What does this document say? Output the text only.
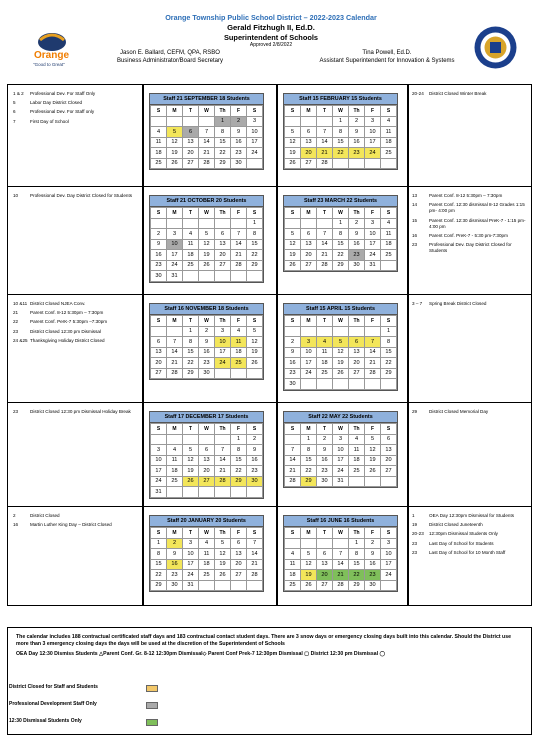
Orange
"Good to Great"
Orange Township Public School District – 2022-2023 Calendar
Gerald Fitzhugh II, Ed.D.
Superintendent of Schools
Approved 2/8/2022
Jason E. Ballard, CEFM, QPA, RSBO
Business Administrator/Board Secretary
Tina Powell, Ed.D.
Assistant Superintendent for Innovation & Systems
1 & 2	Professional Dev. For Staff Only
5	Labor Day District Closed
6	Professional Dev. For Staff only
7	First Day of School
Staff 21 SEPTEMBER 18 Students
S	M	T	W	Th	F	S
				1	2	3
4	5	6	7	8	9	10
11	12	13	14	15	16	17
18	19	20	21	22	23	24
25	26	27	28	29	30	
Staff 15 FEBRUARY 15 Students
S	M	T	W	Th	F	S
			1	2	3	4
5	6	7	8	9	10	11
12	13	14	15	16	17	18
19	20	21	22	23	24	25
26	27	28				
20-24	District Closed Winter Break
10	Professional Dev. Day District Closed for Students
Staff 21 OCTOBER 20 Students
S	M	T	W	Th	F	S
						1
2	3	4	5	6	7	8
9	10	11	12	13	14	15
16	17	18	19	20	21	22
23	24	25	26	27	28	29
30	31					
Staff 23 MARCH 22 Students
S	M	T	W	Th	F	S
			1	2	3	4
5	6	7	8	9	10	11
12	13	14	15	16	17	18
19	20	21	22	23	24	25
26	27	28	29	30	31	
13	Parent Conf. 8-12 5:30pm – 7:30pm
14	Parent Conf. 12:30 dismissal 8-12 Grades 1:15 pm- 4:00 pm
15	Parent Conf. 12:30 dismissal PreK-7 - 1:15 pm-4:00 pm
16	Parent Conf. PreK-7 - 5:30 pm-7:30pm
23	Professional Dev. Day District Closed for Students
10 &11 District Closed NJEA Conv.
21	Parent Conf. 8-12 5:30pm – 7:30pm
22	Parent Conf. PerK-7 5:30pm –7:30pm
23	District Closed 12:30 pm Dismissal
24 &25 Thanksgiving Holiday District Closed
Staff 16 NOVEMBER 18 Students
S	M	T	W	Th	F	S
		1	2	3	4	5
6	7	8	9	10	11	12
13	14	15	16	17	18	19
20	21	22	23	24	25	26
27	28	29	30			
Staff 15 APRIL 15 Students
S	M	T	W	Th	F	S
						1
2	3	4	5	6	7	8
9	10	11	12	13	14	15
16	17	18	19	20	21	22
23	24	25	26	27	28	29
30						
3 – 7	Spring Break District Closed
23	District Closed 12:30 pm Dismissal Holiday Break
Staff 17 DECEMBER 17 Students
S	M	T	W	Th	F	S
					1	2
3	4	5	6	7	8	9
10	11	12	13	14	15	16
17	18	19	20	21	22	23
24	25	26	27	28	29	30
31						
Staff 22 MAY 22 Students
S	M	T	W	Th	F	S
	1	2	3	4	5	6
7	8	9	10	11	12	13
14	15	16	17	18	19	20
21	22	23	24	25	26	27
28	29	30	31			
29	District Closed Memorial Day
2	District Closed
16	Martin Luther King Day – District Closed
Staff 20 JANUARY 20 Students
S	M	T	W	Th	F	S
1	2	3	4	5	6	7
8	9	10	11	12	13	14
15	16	17	18	19	20	21
22	23	24	25	26	27	28
29	30	31				
Staff 16 JUNE 16 Students
S	M	T	W	Th	F	S
				1	2	3
4	5	6	7	8	9	10
11	12	13	14	15	16	17
18	19	20	21	22	23	24
25	26	27	28	29	30	
1	OEA Day 12:30pm Dismissal for Students
19	District Closed Juneteenth
20-23	12:30pm Dismissal Students Only
23	Last Day of School for Students
23	Last Day of School for 10 Month Staff
The calendar includes 188 contractual certificated staff days and 183 contractual contact student days. There are 3 snow days or emergency closing days built into this calendar. Should the District use more than 3 emergency closing days the days will be used at the discretion of the Superintendent of Schools
OEA Day 12:30 Dismiss Students △Parent Conf. Gr. 8-12 12:30pm Dismissal◇ Parent Conf Prek-7 12:30pm Dismissal ▢ District 12:30 pm Dismissal ◯
District Closed for Staff and Students
Professional Development Staff Only
12:30 Dismissal Students Only
